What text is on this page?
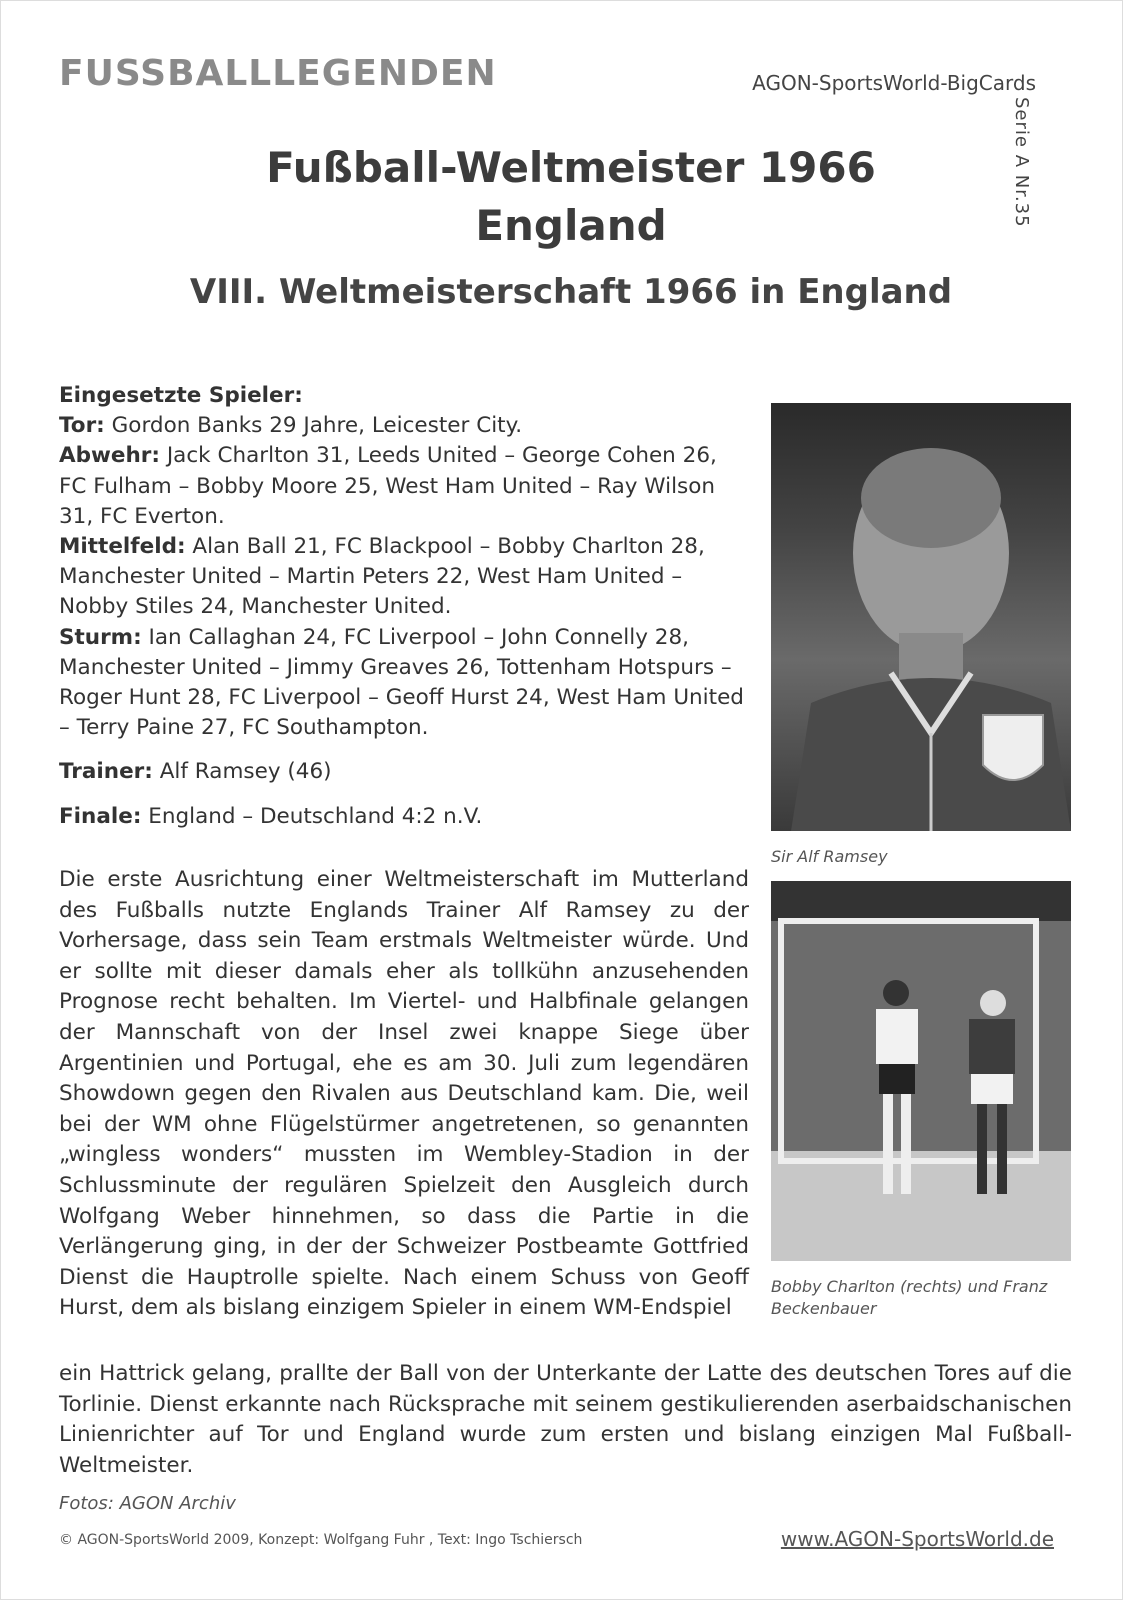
FUSSBALLLEGENDEN	AGON-SportsWorld-BigCards
Serie A Nr.35
Fußball-Weltmeister 1966
England
VIII. Weltmeisterschaft 1966 in England

Eingesetzte Spieler:

Tor: Gordon Banks 29 Jahre, Leicester City.

Abwehr: Jack Charlton 31, Leeds United – George Cohen 26, FC Fulham – Bobby Moore 25, West Ham United – Ray Wilson 31, FC Everton.

Mittelfeld: Alan Ball 21, FC Blackpool – Bobby Charlton 28, Manchester United – Martin Peters 22, West Ham United – Nobby Stiles 24, Manchester United.

Sturm: Ian Callaghan 24, FC Liverpool – John Connelly 28, Manchester United – Jimmy Greaves 26, Tottenham Hotspurs – Roger Hunt 28, FC Liverpool – Geoff Hurst 24, West Ham United – Terry Paine 27, FC Southampton.

Trainer: Alf Ramsey (46)

Finale: England – Deutschland 4:2 n.V.

Die erste Ausrichtung einer Weltmeisterschaft im Mutterland des Fußballs nutzte Englands Trainer Alf Ramsey zu der Vorhersage, dass sein Team erstmals Weltmeister würde. Und er sollte mit dieser damals eher als tollkühn anzusehenden Prognose recht behalten. Im Viertel- und Halbfinale gelangen der Mannschaft von der Insel zwei knappe Siege über Argentinien und Portugal, ehe es am 30. Juli zum legendären Showdown gegen den Rivalen aus Deutschland kam. Die, weil bei der WM ohne Flügelstürmer angetretenen, so genannten „wingless wonders“ mussten im Wembley-Stadion in der Schlussminute der regulären Spielzeit den Ausgleich durch Wolfgang Weber hinnehmen, so dass die Partie in die Verlängerung ging, in der der Schweizer Postbeamte Gottfried Dienst die Hauptrolle spielte. Nach einem Schuss von Geoff Hurst, dem als bislang einzigem Spieler in einem WM-Endspiel
ein Hattrick gelang, prallte der Ball von der Unterkante der Latte des deutschen Tores auf die Torlinie. Dienst erkannte nach Rücksprache mit seinem gestikulierenden aserbaidschanischen Linienrichter auf Tor und England wurde zum ersten und bislang einzigen Mal Fußball-Weltmeister.
Sir Alf Ramsey
Bobby Charlton (rechts) und Franz Beckenbauer
Fotos: AGON Archiv
© AGON-SportsWorld 2009, Konzept: Wolfgang Fuhr , Text: Ingo Tschiersch	www.AGON-SportsWorld.de
